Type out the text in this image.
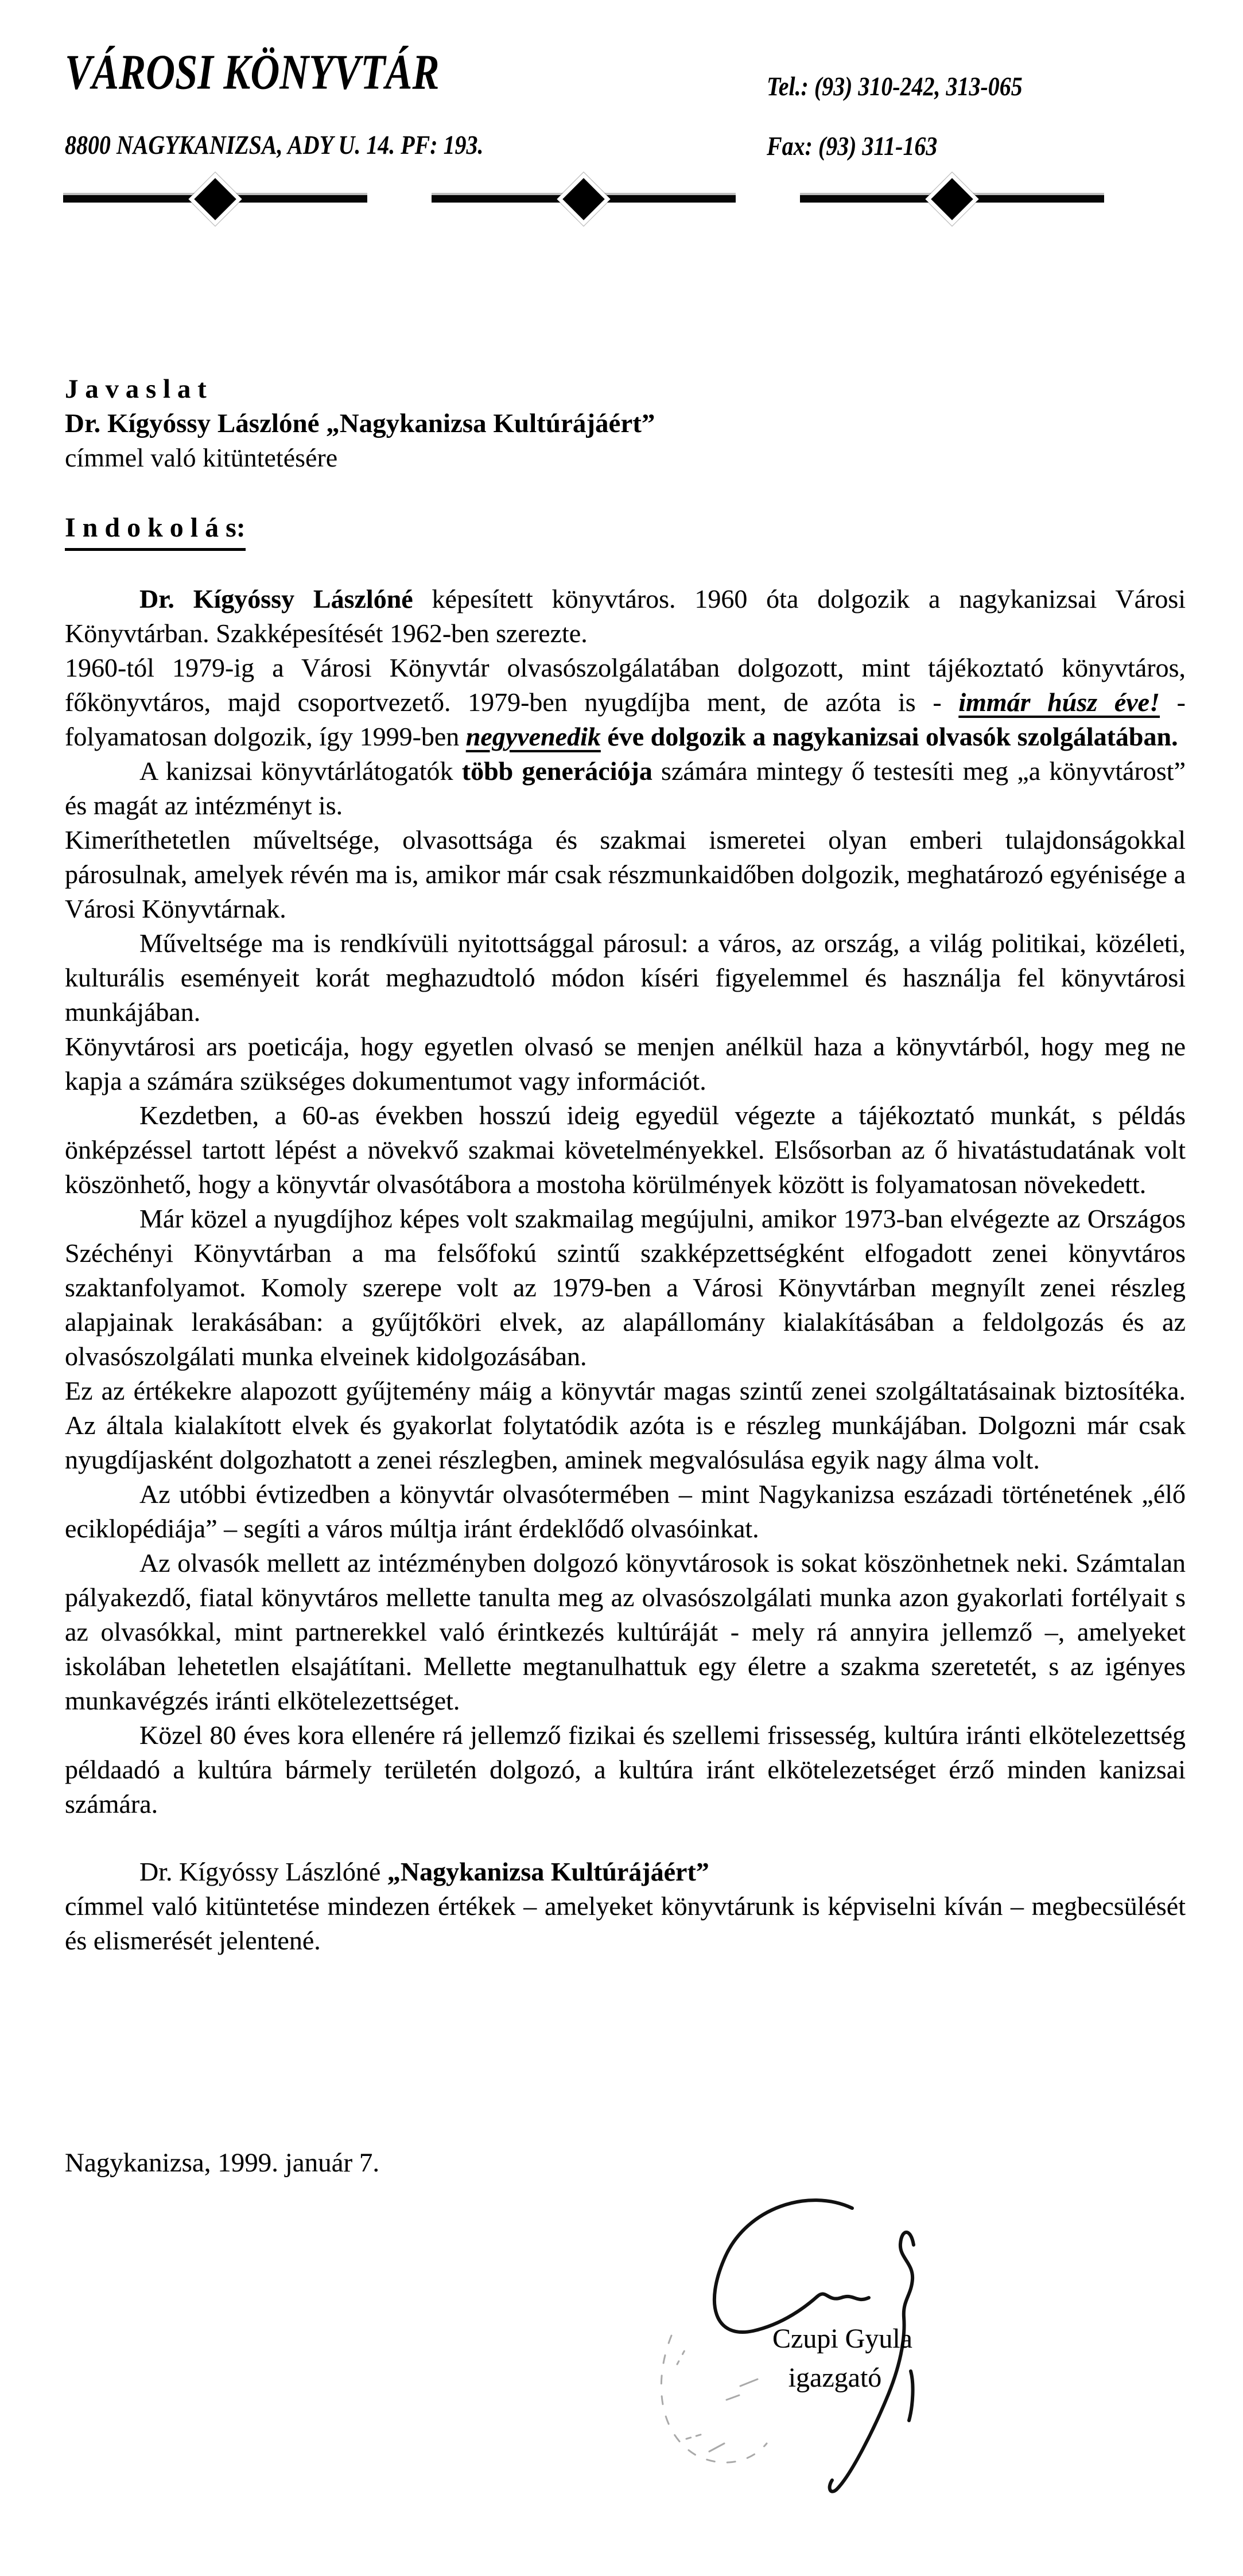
VÁROSI KÖNYVTÁR	Tel.: (93) 310-242, 313-065
8800 NAGYKANIZSA, ADY U. 14. PF: 193.	Fax: (93) 311-163
J a v a s l a t
Dr. Kígyóssy Lászlóné „Nagykanizsa Kultúrájáért”
címmel való kitüntetésére
I n d o k o l á s:

Dr. Kígyóssy Lászlóné képesített könyvtáros. 1960 óta dolgozik a nagykanizsai Városi Könyvtárban. Szakképesítését 1962-ben szerezte.

1960-tól 1979-ig a Városi Könyvtár olvasószolgálatában dolgozott, mint tájékoztató könyvtáros, főkönyvtáros, majd csoportvezető. 1979-ben nyugdíjba ment, de azóta is - immár húsz éve! - folyamatosan dolgozik, így 1999-ben negyvenedik éve dolgozik a nagykanizsai olvasók szolgálatában.

A kanizsai könyvtárlátogatók több generációja számára mintegy ő testesíti meg „a könyvtárost” és magát az intézményt is.

Kimeríthetetlen műveltsége, olvasottsága és szakmai ismeretei olyan emberi tulajdonságokkal párosulnak, amelyek révén ma is, amikor már csak részmunkaidőben dolgozik, meghatározó egyénisége a Városi Könyvtárnak.

Műveltsége ma is rendkívüli nyitottsággal párosul: a város, az ország, a világ politikai, közéleti, kulturális eseményeit korát meghazudtoló módon kíséri figyelemmel és használja fel könyvtárosi munkájában.

Könyvtárosi ars poeticája, hogy egyetlen olvasó se menjen anélkül haza a könyvtárból, hogy meg ne kapja a számára szükséges dokumentumot vagy információt.

Kezdetben, a 60-as években hosszú ideig egyedül végezte a tájékoztató munkát, s példás önképzéssel tartott lépést a növekvő szakmai követelményekkel. Elsősorban az ő hivatástudatának volt köszönhető, hogy a könyvtár olvasótábora a mostoha körülmények között is folyamatosan növekedett.

Már közel a nyugdíjhoz képes volt szakmailag megújulni, amikor 1973-ban elvégezte az Országos Széchényi Könyvtárban a ma felsőfokú szintű szakképzettségként elfogadott zenei könyvtáros szaktanfolyamot. Komoly szerepe volt az 1979-ben a Városi Könyvtárban megnyílt zenei részleg alapjainak lerakásában: a gyűjtőköri elvek, az alapállomány kialakításában a feldolgozás és az olvasószolgálati munka elveinek kidolgozásában.

Ez az értékekre alapozott gyűjtemény máig a könyvtár magas szintű zenei szolgáltatásainak biztosítéka. Az általa kialakított elvek és gyakorlat folytatódik azóta is e részleg munkájában. Dolgozni már csak nyugdíjasként dolgozhatott a zenei részlegben, aminek megvalósulása egyik nagy álma volt.

Az utóbbi évtizedben a könyvtár olvasótermében – mint Nagykanizsa eszázadi történetének „élő eciklopédiája” – segíti a város múltja iránt érdeklődő olvasóinkat.

Az olvasók mellett az intézményben dolgozó könyvtárosok is sokat köszönhetnek neki. Számtalan pályakezdő, fiatal könyvtáros mellette tanulta meg az olvasószolgálati munka azon gyakorlati fortélyait s az olvasókkal, mint partnerekkel való érintkezés kultúráját - mely rá annyira jellemző –, amelyeket iskolában lehetetlen elsajátítani. Mellette megtanulhattuk egy életre a szakma szeretetét, s az igényes munkavégzés iránti elkötelezettséget.

Közel 80 éves kora ellenére rá jellemző fizikai és szellemi frissesség, kultúra iránti elkötelezettség példaadó a kultúra bármely területén dolgozó, a kultúra iránt elkötelezetséget érző minden kanizsai számára.

Dr. Kígyóssy Lászlóné „Nagykanizsa Kultúrájáért”

címmel való kitüntetése mindezen értékek – amelyeket könyvtárunk is képviselni kíván – megbecsülését és elismerését jelentené.

Nagykanizsa, 1999. január 7.
Czupi Gyula
igazgató
